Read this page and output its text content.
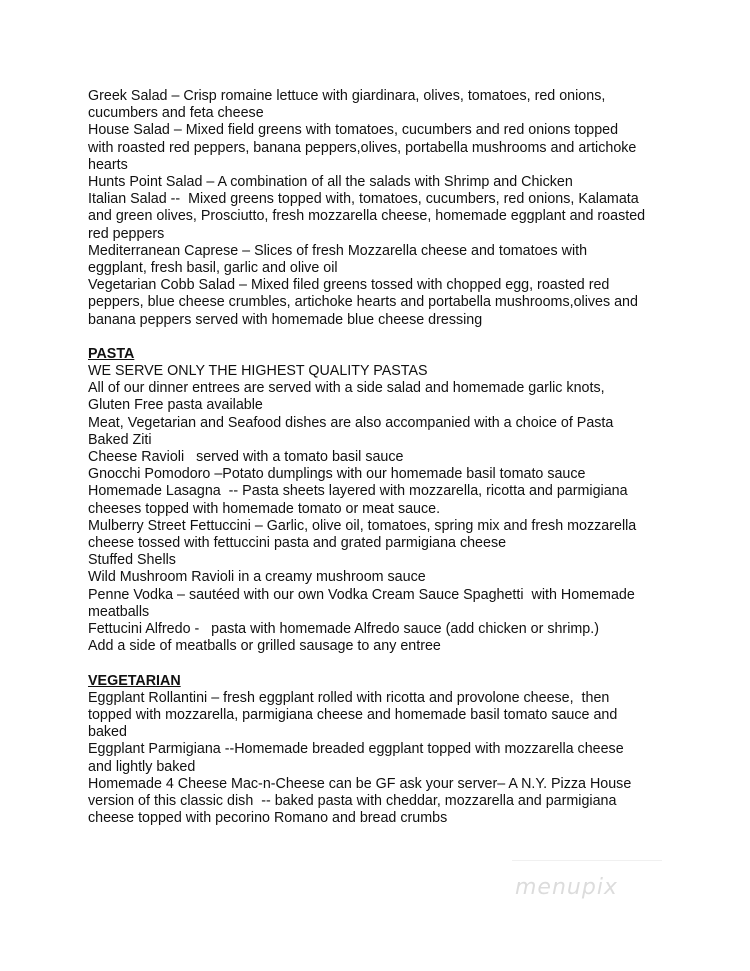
Greek Salad – Crisp romaine lettuce with giardinara, olives, tomatoes, red onions,
cucumbers and feta cheese
House Salad – Mixed field greens with tomatoes, cucumbers and red onions topped
with roasted red peppers, banana peppers,olives, portabella mushrooms and artichoke
hearts
Hunts Point Salad – A combination of all the salads with Shrimp and Chicken
Italian Salad --  Mixed greens topped with, tomatoes, cucumbers, red onions, Kalamata
and green olives, Prosciutto, fresh mozzarella cheese, homemade eggplant and roasted
red peppers
Mediterranean Caprese – Slices of fresh Mozzarella cheese and tomatoes with
eggplant, fresh basil, garlic and olive oil
Vegetarian Cobb Salad – Mixed filed greens tossed with chopped egg, roasted red
peppers, blue cheese crumbles, artichoke hearts and portabella mushrooms,olives and
banana peppers served with homemade blue cheese dressing
PASTA
WE SERVE ONLY THE HIGHEST QUALITY PASTAS
All of our dinner entrees are served with a side salad and homemade garlic knots,
Gluten Free pasta available
Meat, Vegetarian and Seafood dishes are also accompanied with a choice of Pasta
Baked Ziti
Cheese Ravioli   served with a tomato basil sauce
Gnocchi Pomodoro –Potato dumplings with our homemade basil tomato sauce
Homemade Lasagna  -- Pasta sheets layered with mozzarella, ricotta and parmigiana
cheeses topped with homemade tomato or meat sauce.
Mulberry Street Fettuccini – Garlic, olive oil, tomatoes, spring mix and fresh mozzarella
cheese tossed with fettuccini pasta and grated parmigiana cheese
Stuffed Shells
Wild Mushroom Ravioli in a creamy mushroom sauce
Penne Vodka – sautéed with our own Vodka Cream Sauce Spaghetti  with Homemade
meatballs
Fettucini Alfredo -   pasta with homemade Alfredo sauce (add chicken or shrimp.)
Add a side of meatballs or grilled sausage to any entree
VEGETARIAN
Eggplant Rollantini – fresh eggplant rolled with ricotta and provolone cheese,  then
topped with mozzarella, parmigiana cheese and homemade basil tomato sauce and
baked
Eggplant Parmigiana --Homemade breaded eggplant topped with mozzarella cheese
and lightly baked
Homemade 4 Cheese Mac-n-Cheese can be GF ask your server– A N.Y. Pizza House
version of this classic dish  -- baked pasta with cheddar, mozzarella and parmigiana
cheese topped with pecorino Romano and bread crumbs
menupix
